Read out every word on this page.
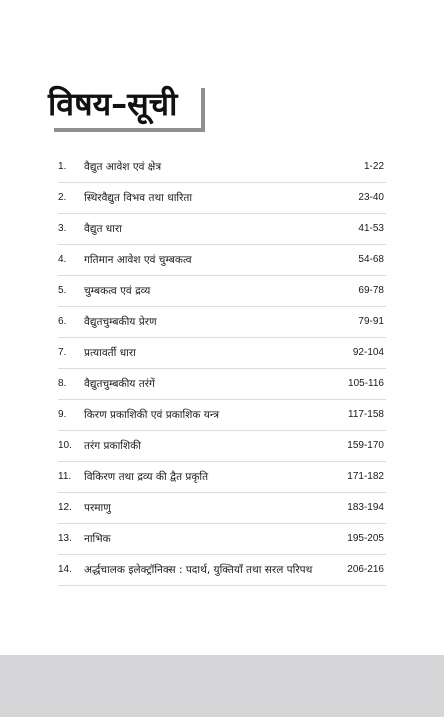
विषय–सूची
1.	वैद्युत आवेश एवं क्षेत्र	1-22
2.	स्थिरवैद्युत विभव तथा धारिता	23-40
3.	वैद्युत धारा	41-53
4.	गतिमान आवेश एवं चुम्बकत्व	54-68
5.	चुम्बकत्व एवं द्रव्य	69-78
6.	वैद्युतचुम्बकीय प्रेरण	79-91
7.	प्रत्यावर्ती धारा	92-104
8.	वैद्युतचुम्बकीय तरंगें	105-116
9.	किरण प्रकाशिकी एवं प्रकाशिक यन्त्र	117-158
10.	तरंग प्रकाशिकी	159-170
11.	विकिरण तथा द्रव्य की द्वैत प्रकृति	171-182
12.	परमाणु	183-194
13.	नाभिक	195-205
14.	अर्द्धचालक इलेक्ट्रॉनिक्स : पदार्थ, युक्तियाँ तथा सरल परिपथ	206-216
